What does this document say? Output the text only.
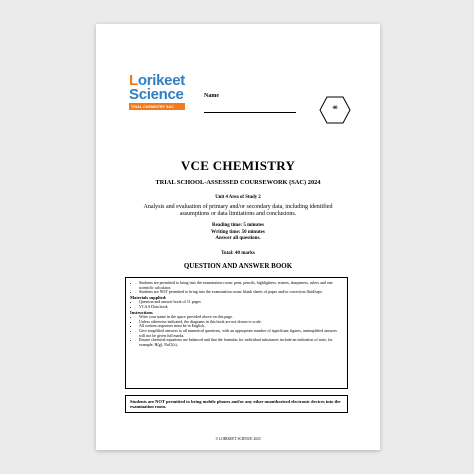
Lorikeet
Science
TRIAL CHEMISTRY SAC
Name
40
VCE CHEMISTRY
TRIAL SCHOOL-ASSESSED COURSEWORK (SAC) 2024
Unit 4 Area of Study 2
Analysis and evaluation of primary and/or secondary data, including identified assumptions or data limitations and conclusions.
Reading time: 5 minutes
Writing time: 50 minutes
Answer all questions.
Total: 40 marks
QUESTION AND ANSWER BOOK
• Students are permitted to bring into the examination room: pens, pencils, highlighters, erasers, sharpeners, rulers and one scientific calculator.
• Students are NOT permitted to bring into the examination room: blank sheets of paper and/or correction fluid/tape.
Materials supplied:
• Question and answer book of 11 pages
• VCAA Data book
Instructions
• Write your name in the space provided above on this page.
• Unless otherwise indicated, the diagrams in this book are not drawn to scale.
• All written responses must be in English.
• Give simplified answers to all numerical questions, with an appropriate number of significant figures; unsimplified answers will not be given full marks.
• Ensure chemical equations are balanced and that the formulas for individual substances include an indication of state, for example, H(g), NaCl(s).
Students are NOT permitted to bring mobile phones and/or any other unauthorised electronic devices into the examination room.
© LORIKEET SCIENCE 2023
